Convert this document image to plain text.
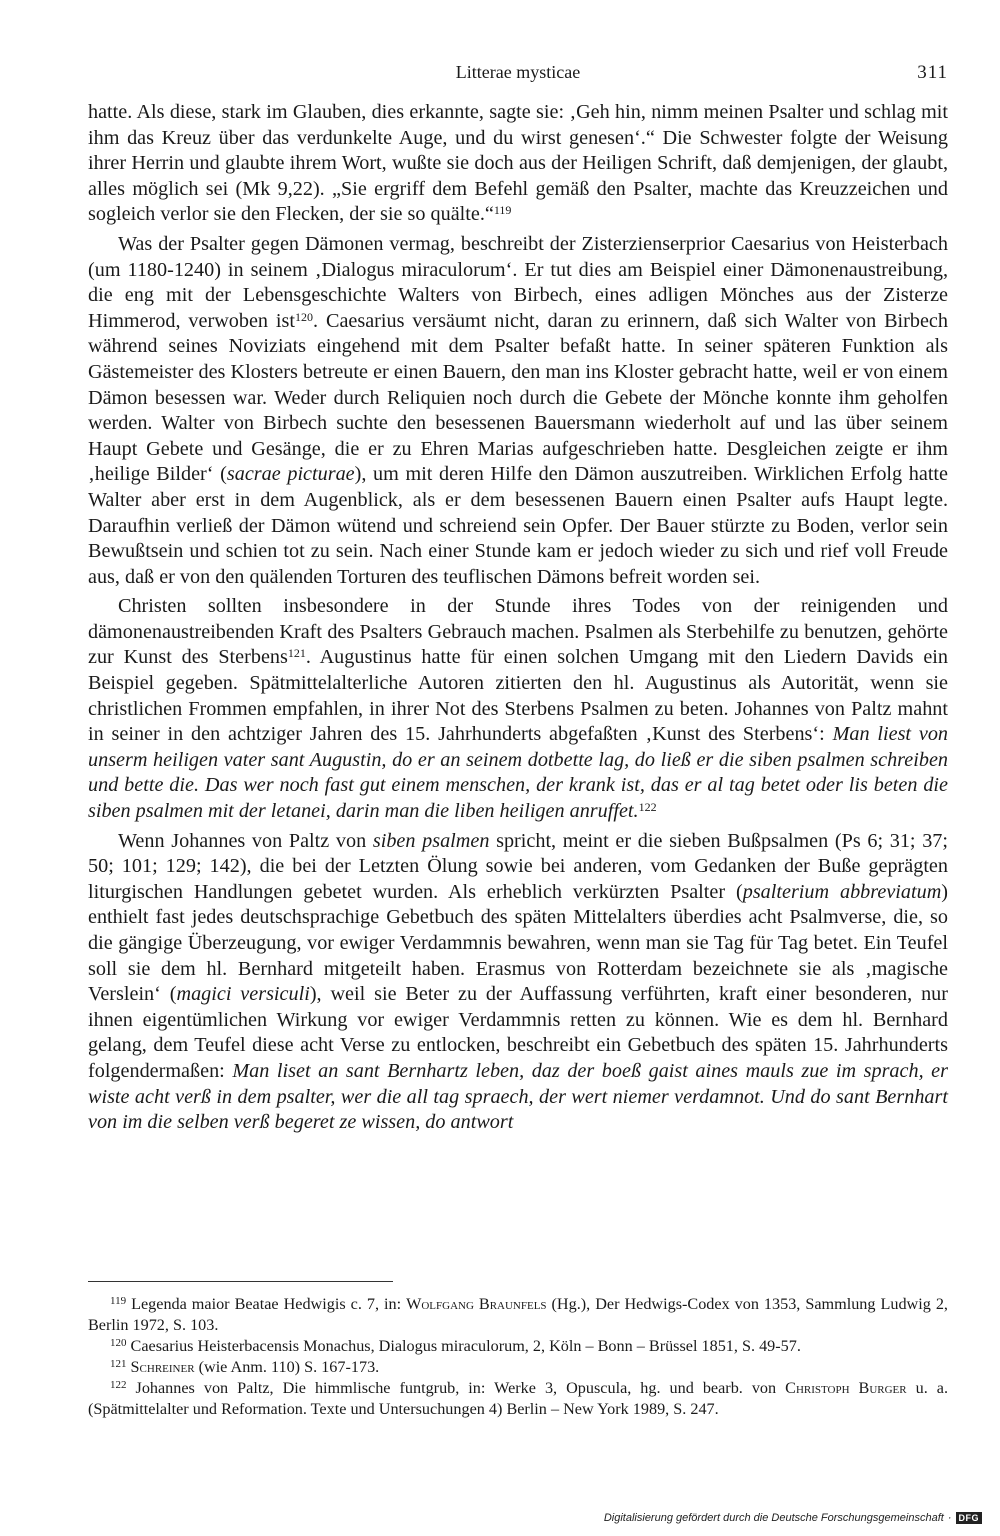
Litterae mysticae	311

hatte. Als diese, stark im Glauben, dies erkannte, sagte sie: ‚Geh hin, nimm meinen Psalter und schlag mit ihm das Kreuz über das verdunkelte Auge, und du wirst genesen‘.“ Die Schwester folgte der Weisung ihrer Herrin und glaubte ihrem Wort, wußte sie doch aus der Heiligen Schrift, daß demjenigen, der glaubt, alles möglich sei (Mk 9,22). „Sie ergriff dem Befehl gemäß den Psalter, machte das Kreuzzeichen und sogleich verlor sie den Flecken, der sie so quälte.“$^{119}$

Was der Psalter gegen Dämonen vermag, beschreibt der Zisterzienserprior Caesarius von Heisterbach (um 1180-1240) in seinem ‚Dialogus miraculorum‘. Er tut dies am Beispiel einer Dämonenaustreibung, die eng mit der Lebensgeschichte Walters von Birbech, eines adligen Mönches aus der Zisterze Himmerod, verwoben ist$^{120}$. Caesarius versäumt nicht, daran zu erinnern, daß sich Walter von Birbech während seines Noviziats eingehend mit dem Psalter befaßt hatte. In seiner späteren Funktion als Gästemeister des Klosters betreute er einen Bauern, den man ins Kloster gebracht hatte, weil er von einem Dämon besessen war. Weder durch Reliquien noch durch die Gebete der Mönche konnte ihm geholfen werden. Walter von Birbech suchte den besessenen Bauersmann wiederholt auf und las über seinem Haupt Gebete und Gesänge, die er zu Ehren Marias aufgeschrieben hatte. Desgleichen zeigte er ihm ‚heilige Bilder‘ (sacrae picturae), um mit deren Hilfe den Dämon auszutreiben. Wirklichen Erfolg hatte Walter aber erst in dem Augenblick, als er dem besessenen Bauern einen Psalter aufs Haupt legte. Daraufhin verließ der Dämon wütend und schreiend sein Opfer. Der Bauer stürzte zu Boden, verlor sein Bewußtsein und schien tot zu sein. Nach einer Stunde kam er jedoch wieder zu sich und rief voll Freude aus, daß er von den quälenden Torturen des teuflischen Dämons befreit worden sei.

Christen sollten insbesondere in der Stunde ihres Todes von der reinigenden und dämonenaustreibenden Kraft des Psalters Gebrauch machen. Psalmen als Sterbehilfe zu benutzen, gehörte zur Kunst des Sterbens$^{121}$. Augustinus hatte für einen solchen Umgang mit den Liedern Davids ein Beispiel gegeben. Spätmittelalterliche Autoren zitierten den hl. Augustinus als Autorität, wenn sie christlichen Frommen empfahlen, in ihrer Not des Sterbens Psalmen zu beten. Johannes von Paltz mahnt in seiner in den achtziger Jahren des 15. Jahrhunderts abgefaßten ‚Kunst des Sterbens‘: Man liest von unserm heiligen vater sant Augustin, do er an seinem dotbette lag, do ließ er die siben psalmen schreiben und bette die. Das wer noch fast gut einem menschen, der krank ist, das er al tag betet oder lis beten die siben psalmen mit der letanei, darin man die liben heiligen anruffet.$^{122}$

Wenn Johannes von Paltz von siben psalmen spricht, meint er die sieben Bußpsalmen (Ps 6; 31; 37; 50; 101; 129; 142), die bei der Letzten Ölung sowie bei anderen, vom Gedanken der Buße geprägten liturgischen Handlungen gebetet wurden. Als erheblich verkürzten Psalter (psalterium abbreviatum) enthielt fast jedes deutschsprachige Gebetbuch des späten Mittelalters überdies acht Psalmverse, die, so die gängige Überzeugung, vor ewiger Verdammnis bewahren, wenn man sie Tag für Tag betet. Ein Teufel soll sie dem hl. Bernhard mitgeteilt haben. Erasmus von Rotterdam bezeichnete sie als ‚magische Verslein‘ (magici versiculi), weil sie Beter zu der Auffassung verführten, kraft einer besonderen, nur ihnen eigentümlichen Wirkung vor ewiger Verdammnis retten zu können. Wie es dem hl. Bernhard gelang, dem Teufel diese acht Verse zu entlocken, beschreibt ein Gebetbuch des späten 15. Jahrhunderts folgendermaßen: Man liset an sant Bernhartz leben, daz der boeß gaist aines mauls zue im sprach, er wiste acht verß in dem psalter, wer die all tag spraech, der wert niemer verdamnot. Und do sant Bernhart von im die selben verß begeret ze wissen, do antwort

$^{119}$ Legenda maior Beatae Hedwigis c. 7, in: Wolfgang Braunfels (Hg.), Der Hedwigs-Codex von 1353, Sammlung Ludwig 2, Berlin 1972, S. 103.

$^{120}$ Caesarius Heisterbacensis Monachus, Dialogus miraculorum, 2, Köln – Bonn – Brüssel 1851, S. 49-57.

$^{121}$ Schreiner (wie Anm. 110) S. 167-173.

$^{122}$ Johannes von Paltz, Die himmlische funtgrub, in: Werke 3, Opuscula, hg. und bearb. von Christoph Burger u. a. (Spätmittelalter und Reformation. Texte und Untersuchungen 4) Berlin – New York 1989, S. 247.

Digitalisierung gefördert durch die Deutsche Forschungsgemeinschaft · DFG
